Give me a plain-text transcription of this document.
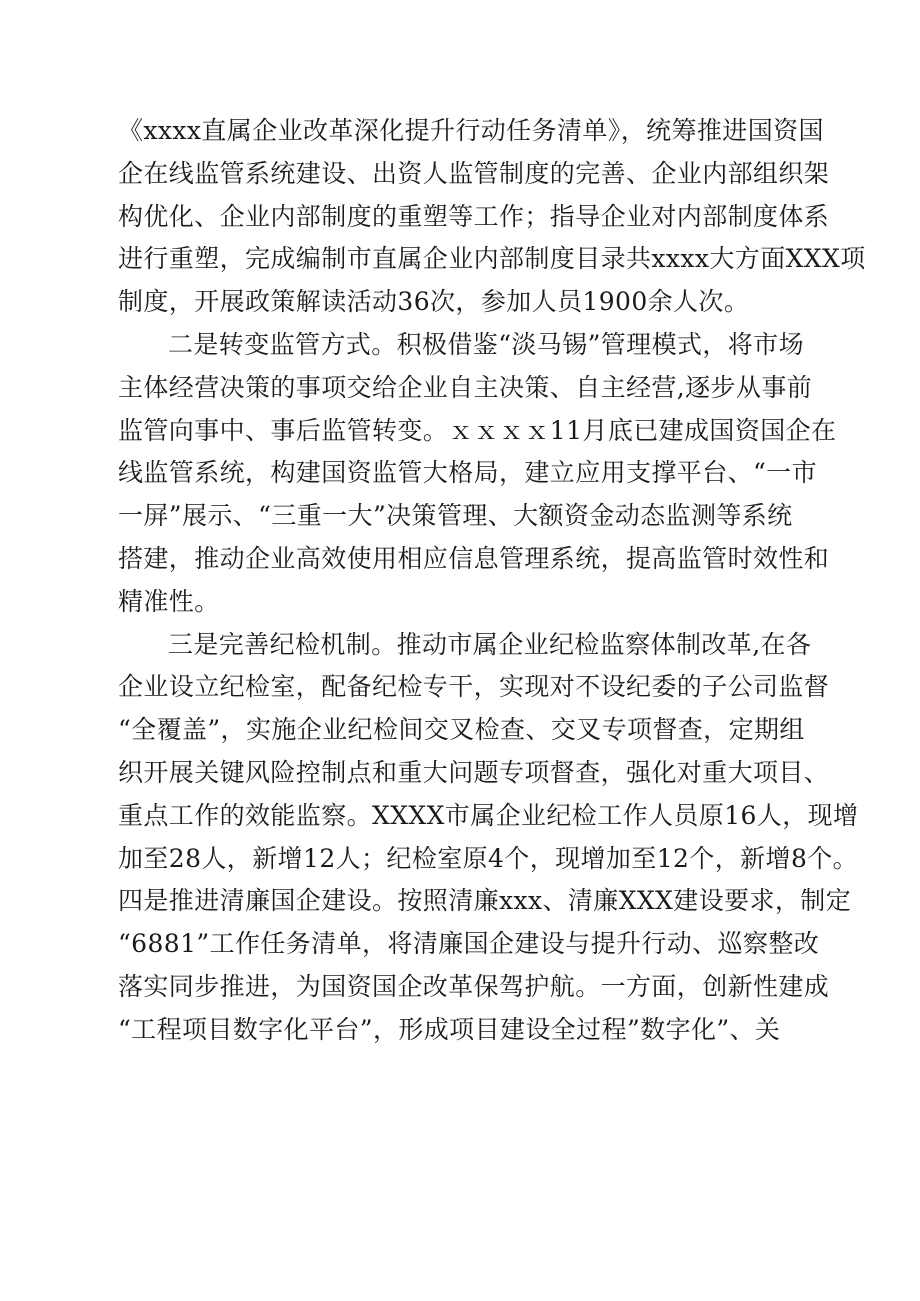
《xxxx直属企业改革深化提升行动任务清单》，统筹推进国资国
企在线监管系统建设、出资人监管制度的完善、企业内部组织架
构优化、企业内部制度的重塑等工作；指导企业对内部制度体系
进行重塑，完成编制市直属企业内部制度目录共xxxx大方面XXX项
制度，开展政策解读活动36次，参加人员1900余人次。

二是转变监管方式。积极借鉴“淡马锡”管理模式，将市场
主体经营决策的事项交给企业自主决策、自主经营,逐步从事前
监管向事中、事后监管转变。ｘｘｘｘ11月底已建成国资国企在
线监管系统，构建国资监管大格局，建立应用支撑平台、“一市
一屏”展示、“三重一大”决策管理、大额资金动态监测等系统
搭建，推动企业高效使用相应信息管理系统，提高监管时效性和
精准性。

三是完善纪检机制。推动市属企业纪检监察体制改革,在各
企业设立纪检室，配备纪检专干，实现对不设纪委的子公司监督
“全覆盖”，实施企业纪检间交叉检查、交叉专项督查，定期组
织开展关键风险控制点和重大问题专项督查，强化对重大项目、
重点工作的效能监察。XXXX市属企业纪检工作人员原16人，现增
加至28人，新增12人；纪检室原4个，现增加至12个，新增8个。

四是推进清廉国企建设。按照清廉xxx、清廉XXX建设要求，制定
“6881”工作任务清单，将清廉国企建设与提升行动、巡察整改
落实同步推进，为国资国企改革保驾护航。一方面，创新性建成
“工程项目数字化平台”，形成项目建设全过程”数字化”、关
